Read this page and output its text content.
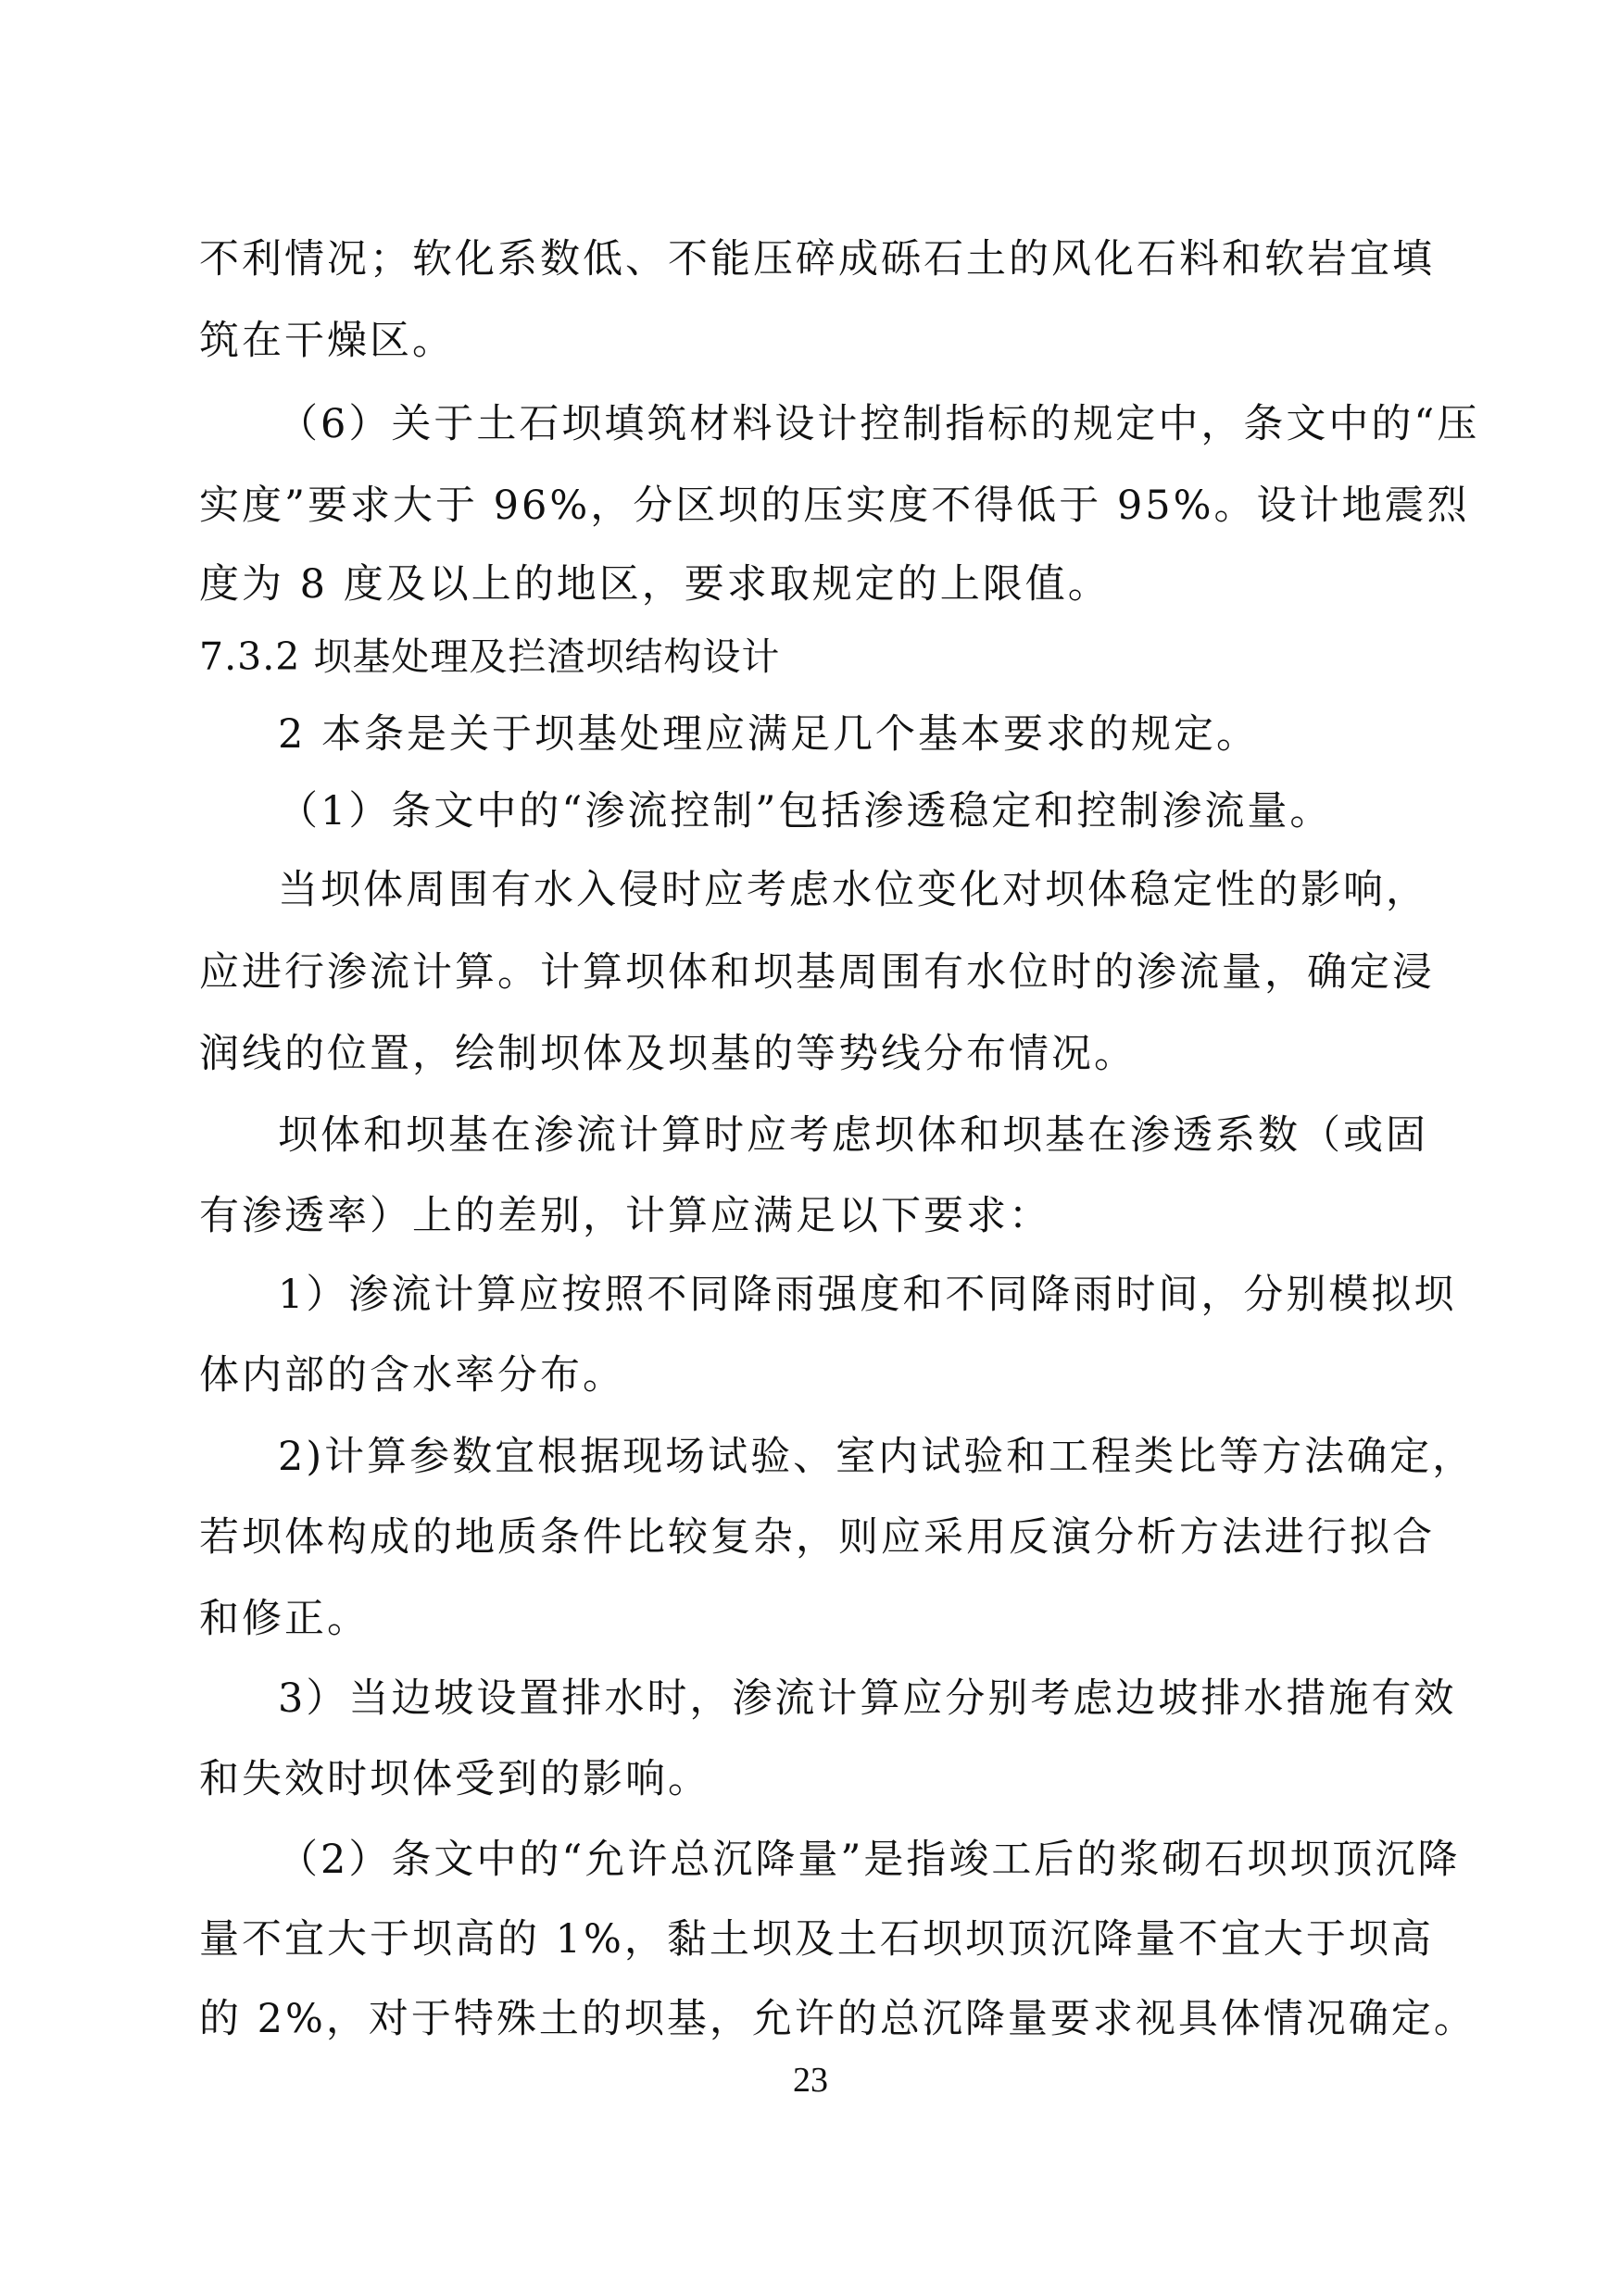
不利情况；软化系数低、不能压碎成砾石土的风化石料和软岩宜填
筑在干燥区。
（6）关于土石坝填筑材料设计控制指标的规定中，条文中的“压
实度”要求大于 96%，分区坝的压实度不得低于 95%。设计地震烈
度为 8 度及以上的地区，要求取规定的上限值。
7.3.2 坝基处理及拦渣坝结构设计
2 本条是关于坝基处理应满足几个基本要求的规定。
（1）条文中的“渗流控制”包括渗透稳定和控制渗流量。
当坝体周围有水入侵时应考虑水位变化对坝体稳定性的影响，
应进行渗流计算。计算坝体和坝基周围有水位时的渗流量，确定浸
润线的位置，绘制坝体及坝基的等势线分布情况。
坝体和坝基在渗流计算时应考虑坝体和坝基在渗透系数（或固
有渗透率）上的差别，计算应满足以下要求：
1）渗流计算应按照不同降雨强度和不同降雨时间，分别模拟坝
体内部的含水率分布。
2)计算参数宜根据现场试验、室内试验和工程类比等方法确定，
若坝体构成的地质条件比较复杂，则应采用反演分析方法进行拟合
和修正。
3）当边坡设置排水时，渗流计算应分别考虑边坡排水措施有效
和失效时坝体受到的影响。
（2）条文中的“允许总沉降量”是指竣工后的浆砌石坝坝顶沉降
量不宜大于坝高的 1%，黏土坝及土石坝坝顶沉降量不宜大于坝高
的 2%，对于特殊土的坝基，允许的总沉降量要求视具体情况确定。
23
